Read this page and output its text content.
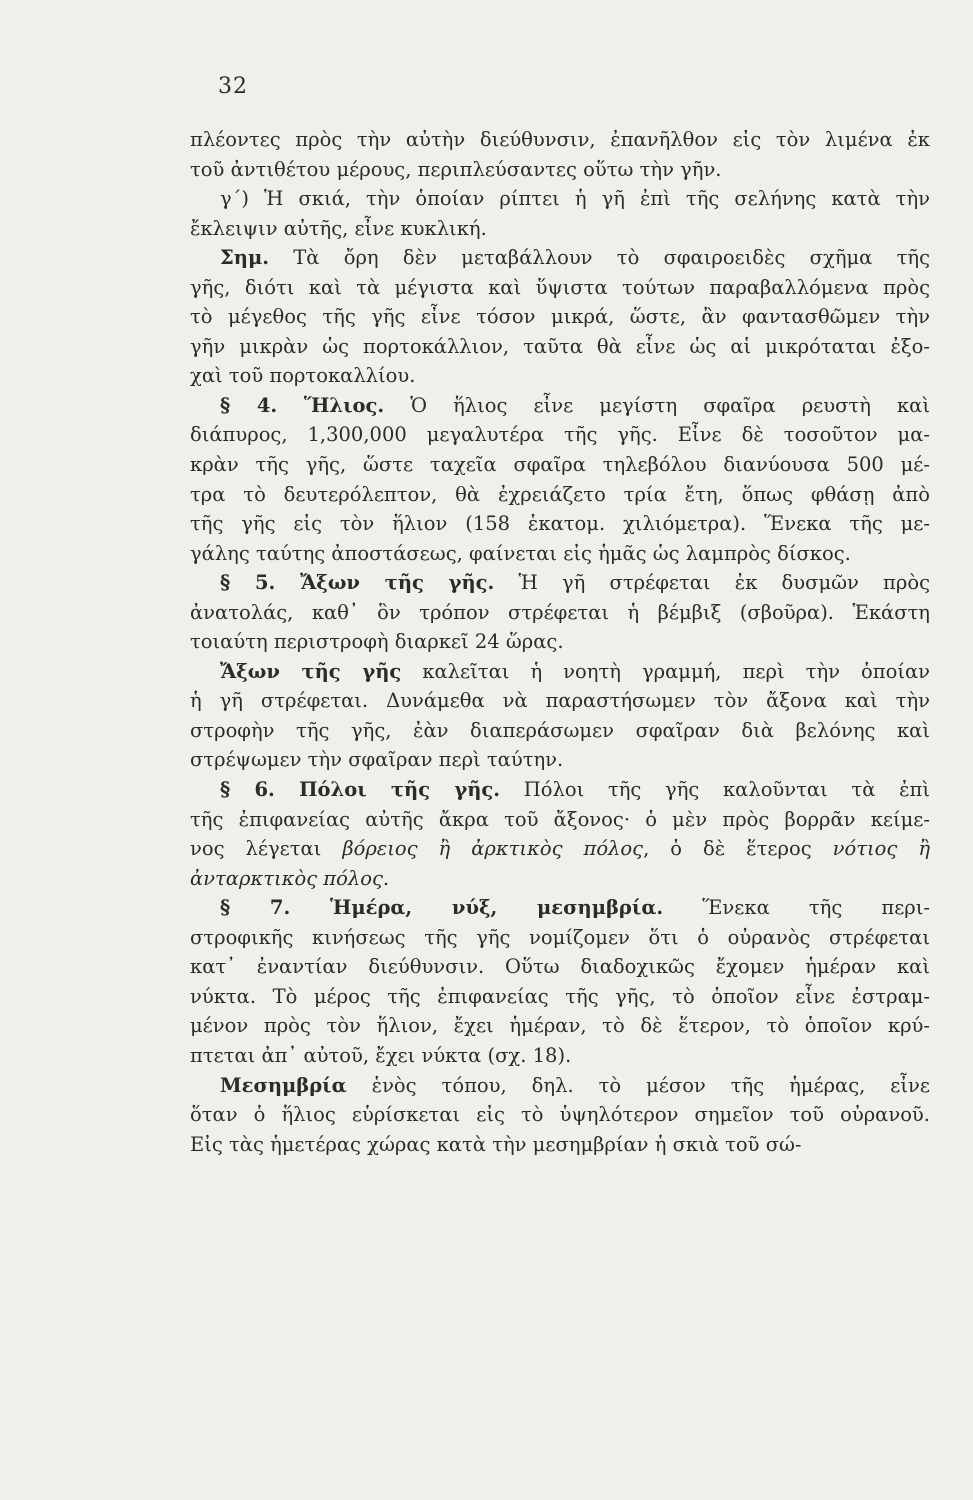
32
πλέοντες πρὸς τὴν αὐτὴν διεύθυνσιν, ἐπανῆλθον εἰς τὸν λιμένα ἐκ
τοῦ ἀντιθέτου μέρους, περιπλεύσαντες οὕτω τὴν γῆν.
γ΄) Ἡ σκιά, τὴν ὁποίαν ρίπτει ἡ γῆ ἐπὶ τῆς σελήνης κατὰ τὴν
ἔκλειψιν αὐτῆς, εἶνε κυκλική.
Σημ. Τὰ ὄρη δὲν μεταβάλλουν τὸ σφαιροειδὲς σχῆμα τῆς
γῆς, διότι καὶ τὰ μέγιστα καὶ ὕψιστα τούτων παραβαλλόμενα πρὸς
τὸ μέγεθος τῆς γῆς εἶνε τόσον μικρά, ὥστε, ἂν φαντασθῶμεν τὴν
γῆν μικρὰν ὡς πορτοκάλλιον, ταῦτα θὰ εἶνε ὡς αἱ μικρόταται ἐξο-
χαὶ τοῦ πορτοκαλλίου.
§ 4. Ἥλιος. Ὁ ἥλιος εἶνε μεγίστη σφαῖρα ρευστὴ καὶ
διάπυρος, 1,300,000 μεγαλυτέρα τῆς γῆς. Εἶνε δὲ τοσοῦτον μα-
κρὰν τῆς γῆς, ὥστε ταχεῖα σφαῖρα τηλεβόλου διανύουσα 500 μέ-
τρα τὸ δευτερόλεπτον, θὰ ἐχρειάζετο τρία ἔτη, ὅπως φθάσῃ ἀπὸ
τῆς γῆς εἰς τὸν ἥλιον (158 ἑκατομ. χιλιόμετρα). Ἕνεκα τῆς με-
γάλης ταύτης ἀποστάσεως, φαίνεται εἰς ἡμᾶς ὡς λαμπρὸς δίσκος.
§ 5. Ἄξων τῆς γῆς. Ἡ γῆ στρέφεται ἐκ δυσμῶν πρὸς
ἀνατολάς, καθ᾽ ὃν τρόπον στρέφεται ἡ βέμβιξ (σβοῦρα). Ἑκάστη
τοιαύτη περιστροφὴ διαρκεῖ 24 ὥρας.
Ἄξων τῆς γῆς καλεῖται ἡ νοητὴ γραμμή, περὶ τὴν ὁποίαν
ἡ γῆ στρέφεται. Δυνάμεθα νὰ παραστήσωμεν τὸν ἄξονα καὶ τὴν
στροφὴν τῆς γῆς, ἐὰν διαπεράσωμεν σφαῖραν διὰ βελόνης καὶ
στρέψωμεν τὴν σφαῖραν περὶ ταύτην.
§ 6. Πόλοι τῆς γῆς. Πόλοι τῆς γῆς καλοῦνται τὰ ἐπὶ
τῆς ἐπιφανείας αὐτῆς ἄκρα τοῦ ἄξονος· ὁ μὲν πρὸς βορρᾶν κείμε-
νος λέγεται βόρειος ἢ ἀρκτικὸς πόλος, ὁ δὲ ἕτερος νότιος ἢ
ἀνταρκτικὸς πόλος.
§ 7. Ἡμέρα, νύξ, μεσημβρία. Ἕνεκα τῆς περι-
στροφικῆς κινήσεως τῆς γῆς νομίζομεν ὅτι ὁ οὐρανὸς στρέφεται
κατ᾽ ἐναντίαν διεύθυνσιν. Οὕτω διαδοχικῶς ἔχομεν ἡμέραν καὶ
νύκτα. Τὸ μέρος τῆς ἐπιφανείας τῆς γῆς, τὸ ὁποῖον εἶνε ἐστραμ-
μένον πρὸς τὸν ἥλιον, ἔχει ἡμέραν, τὸ δὲ ἕτερον, τὸ ὁποῖον κρύ-
πτεται ἀπ᾽ αὐτοῦ, ἔχει νύκτα (σχ. 18).
Μεσημβρία ἑνὸς τόπου, δηλ. τὸ μέσον τῆς ἡμέρας, εἶνε
ὅταν ὁ ἥλιος εὑρίσκεται εἰς τὸ ὑψηλότερον σημεῖον τοῦ οὐρανοῦ.
Εἰς τὰς ἡμετέρας χώρας κατὰ τὴν μεσημβρίαν ἡ σκιὰ τοῦ σώ-
